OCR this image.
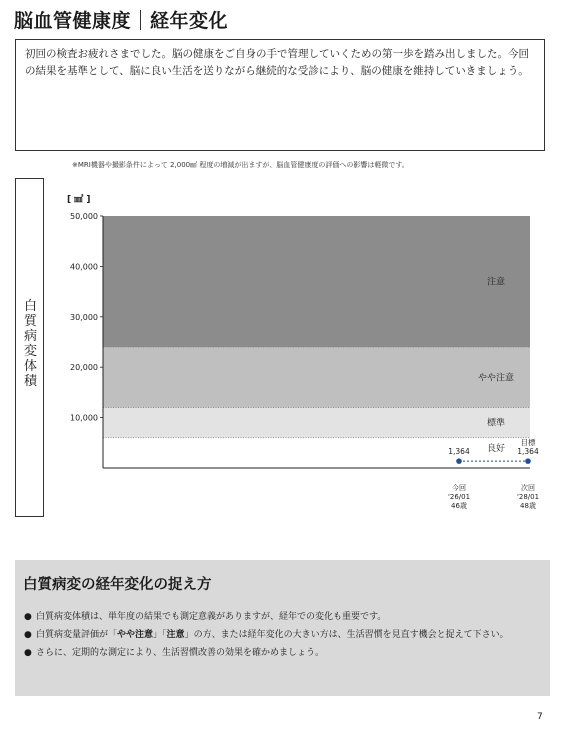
脳血管健康度 経年変化

初回の検査お疲れさまでした。脳の健康をご自身の手で管理していくための第一歩を踏み出しました。今回の結果を基準として、脳に良い生活を送りながら継続的な受診により、脳の健康を維持していきましょう。

※MRI機器や撮影条件によって 2,000㎣ 程度の増減が出ますが、脳血管健康度の評価への影響は軽微です。
白
質
病
変
体
積
[ ㎣ ]
10,000
20,000
30,000
40,000
50,000
良好
標準
やや注意
注意
1,364
今回
'26/01
46歳
1,364
目標
次回
'28/01
48歳
白質病変の経年変化の捉え方
● 白質病変体積は、単年度の結果でも測定意義がありますが、経年での変化も重要です。
● 白質病変量評価が「やや注意」「注意」の方、または経年変化の大きい方は、生活習慣を見直す機会と捉えて下さい。
● さらに、定期的な測定により、生活習慣改善の効果を確かめましょう。
7
